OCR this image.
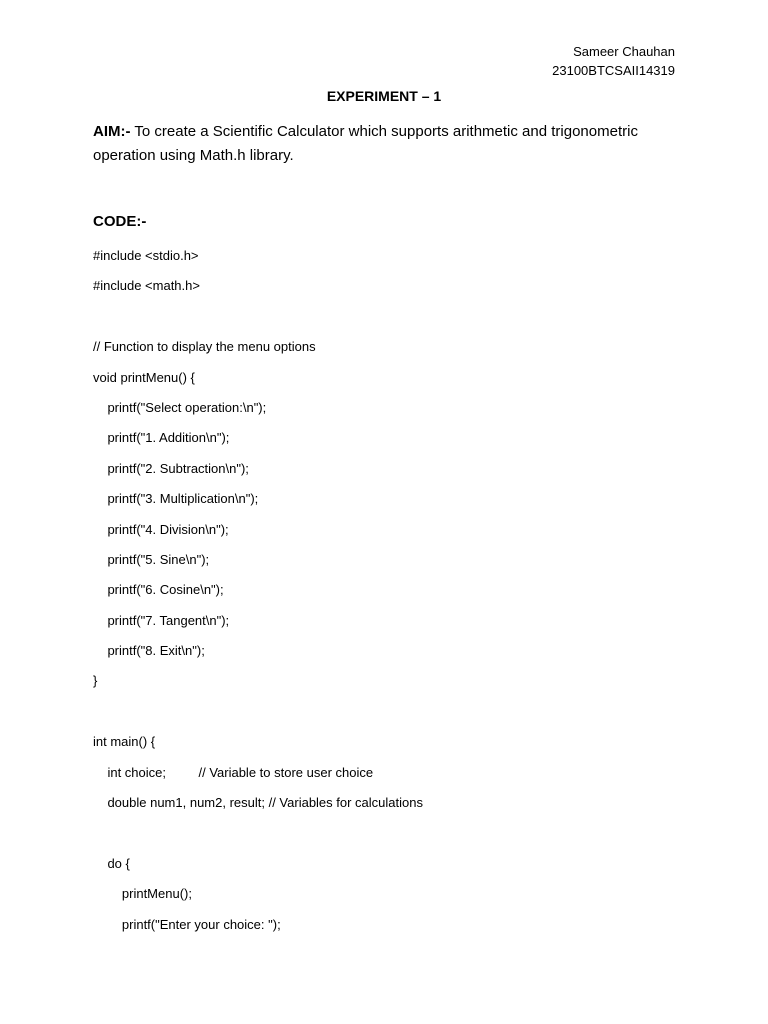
Sameer Chauhan
23100BTCSAII14319
EXPERIMENT – 1
AIM:- To create a Scientific Calculator which supports arithmetic and trigonometric operation using Math.h library.
CODE:-
#include <stdio.h>
#include <math.h>
// Function to display the menu options
void printMenu() {
printf("Select operation:\n");
printf("1. Addition\n");
printf("2. Subtraction\n");
printf("3. Multiplication\n");
printf("4. Division\n");
printf("5. Sine\n");
printf("6. Cosine\n");
printf("7. Tangent\n");
printf("8. Exit\n");
}
int main() {
int choice;         // Variable to store user choice
double num1, num2, result; // Variables for calculations
do {
printMenu();
printf("Enter your choice: ");
